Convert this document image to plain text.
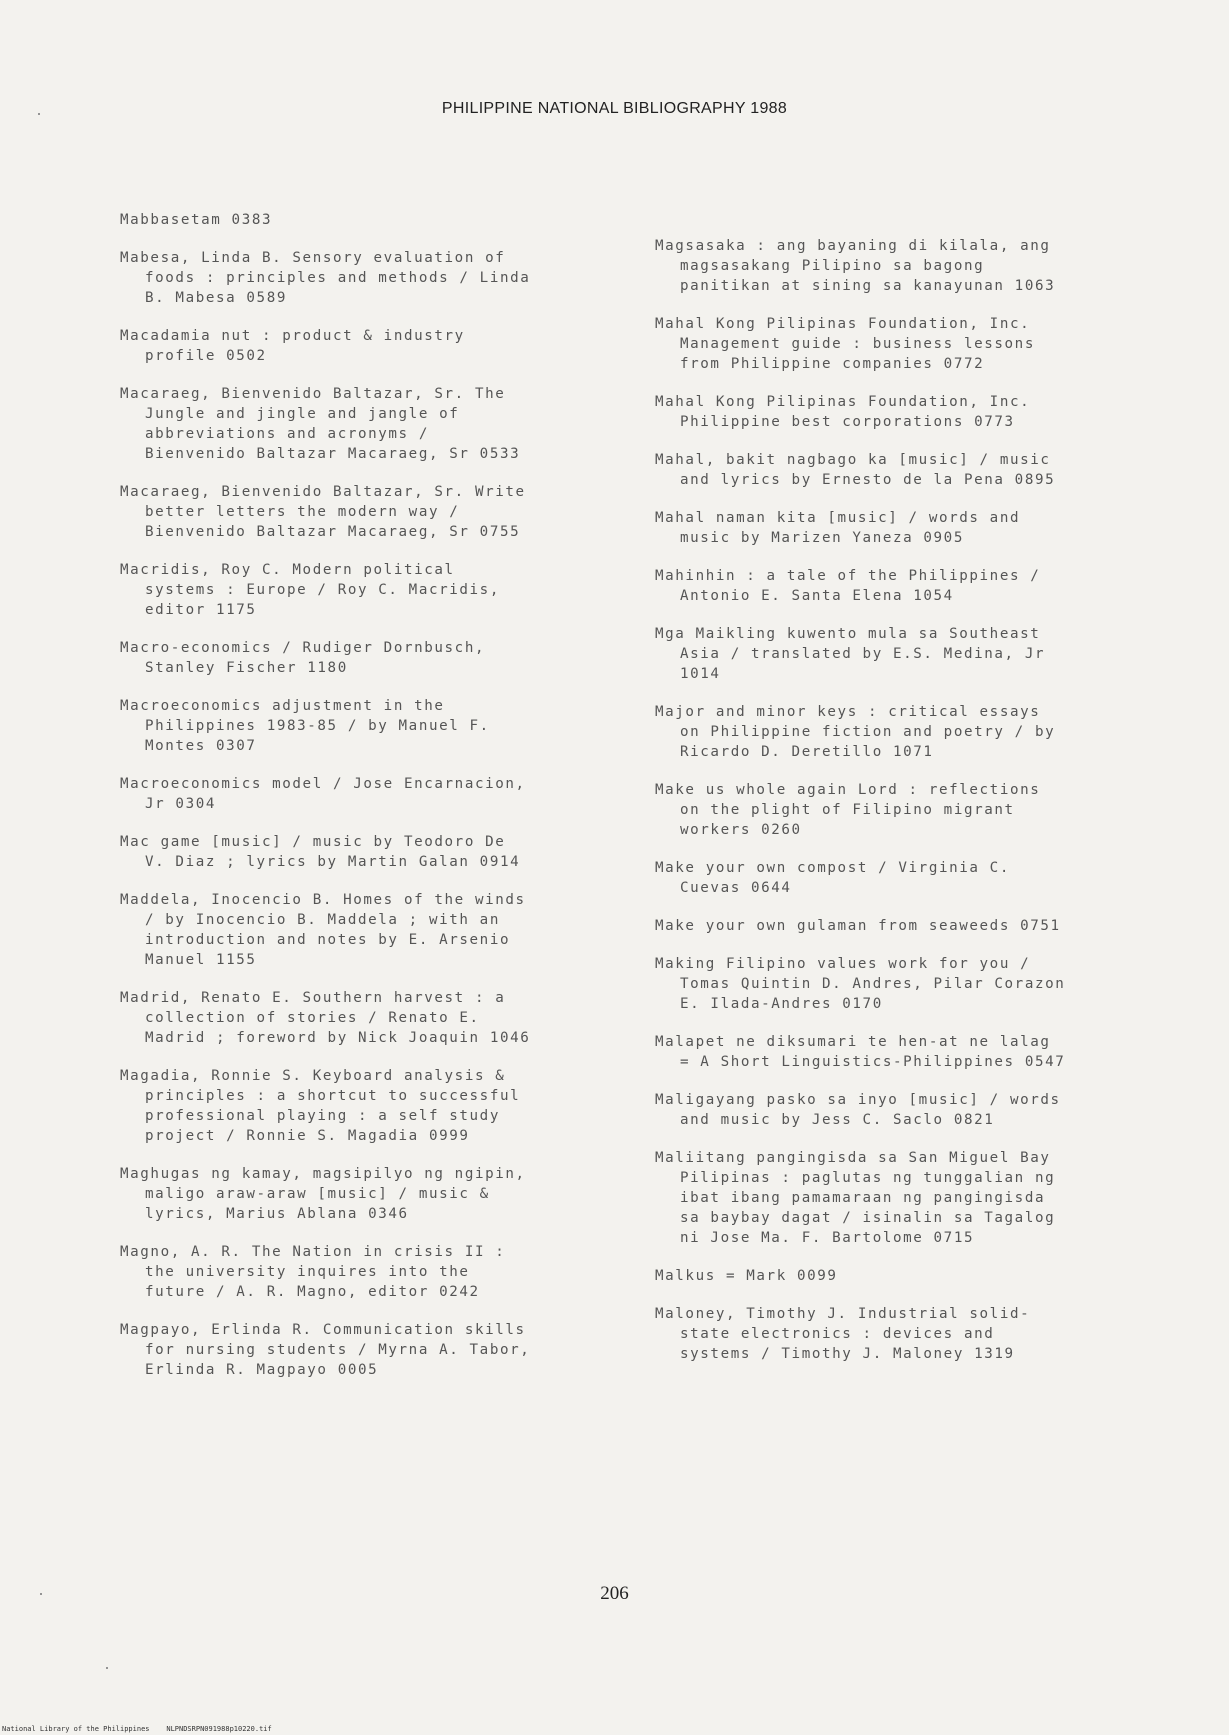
PHILIPPINE NATIONAL BIBLIOGRAPHY 1988
Mabbasetam 0383
Mabesa, Linda B. Sensory evaluation of
foods : principles and methods / Linda
B. Mabesa 0589
Macadamia nut : product & industry
profile 0502
Macaraeg, Bienvenido Baltazar, Sr. The
Jungle and jingle and jangle of
abbreviations and acronyms /
Bienvenido Baltazar Macaraeg, Sr 0533
Macaraeg, Bienvenido Baltazar, Sr. Write
better letters the modern way /
Bienvenido Baltazar Macaraeg, Sr 0755
Macridis, Roy C. Modern political
systems : Europe / Roy C. Macridis,
editor 1175
Macro-economics / Rudiger Dornbusch,
Stanley Fischer 1180
Macroeconomics adjustment in the
Philippines 1983-85 / by Manuel F.
Montes 0307
Macroeconomics model / Jose Encarnacion,
Jr 0304
Mac game [music] / music by Teodoro De
V. Diaz ; lyrics by Martin Galan 0914
Maddela, Inocencio B. Homes of the winds
/ by Inocencio B. Maddela ; with an
introduction and notes by E. Arsenio
Manuel 1155
Madrid, Renato E. Southern harvest : a
collection of stories / Renato E.
Madrid ; foreword by Nick Joaquin 1046
Magadia, Ronnie S. Keyboard analysis &
principles : a shortcut to successful
professional playing : a self study
project / Ronnie S. Magadia 0999
Maghugas ng kamay, magsipilyo ng ngipin,
maligo araw-araw [music] / music &
lyrics, Marius Ablana 0346
Magno, A. R. The Nation in crisis II :
the university inquires into the
future / A. R. Magno, editor 0242
Magpayo, Erlinda R. Communication skills
for nursing students / Myrna A. Tabor,
Erlinda R. Magpayo 0005
Magsasaka : ang bayaning di kilala, ang
magsasakang Pilipino sa bagong
panitikan at sining sa kanayunan 1063
Mahal Kong Pilipinas Foundation, Inc.
Management guide : business lessons
from Philippine companies 0772
Mahal Kong Pilipinas Foundation, Inc.
Philippine best corporations 0773
Mahal, bakit nagbago ka [music] / music
and lyrics by Ernesto de la Pena 0895
Mahal naman kita [music] / words and
music by Marizen Yaneza 0905
Mahinhin : a tale of the Philippines /
Antonio E. Santa Elena 1054
Mga Maikling kuwento mula sa Southeast
Asia / translated by E.S. Medina, Jr
1014
Major and minor keys : critical essays
on Philippine fiction and poetry / by
Ricardo D. Deretillo 1071
Make us whole again Lord : reflections
on the plight of Filipino migrant
workers 0260
Make your own compost / Virginia C.
Cuevas 0644
Make your own gulaman from seaweeds 0751
Making Filipino values work for you /
Tomas Quintin D. Andres, Pilar Corazon
E. Ilada-Andres 0170
Malapet ne diksumari te hen-at ne lalag
= A Short Linguistics-Philippines 0547
Maligayang pasko sa inyo [music] / words
and music by Jess C. Saclo 0821
Maliitang pangingisda sa San Miguel Bay
Pilipinas : paglutas ng tunggalian ng
ibat ibang pamamaraan ng pangingisda
sa baybay dagat / isinalin sa Tagalog
ni Jose Ma. F. Bartolome 0715
Malkus = Mark 0099
Maloney, Timothy J. Industrial solid-
state electronics : devices and
systems / Timothy J. Maloney 1319
206
National Library of the Philippines    NLPNDSRPN091988p10220.tif
